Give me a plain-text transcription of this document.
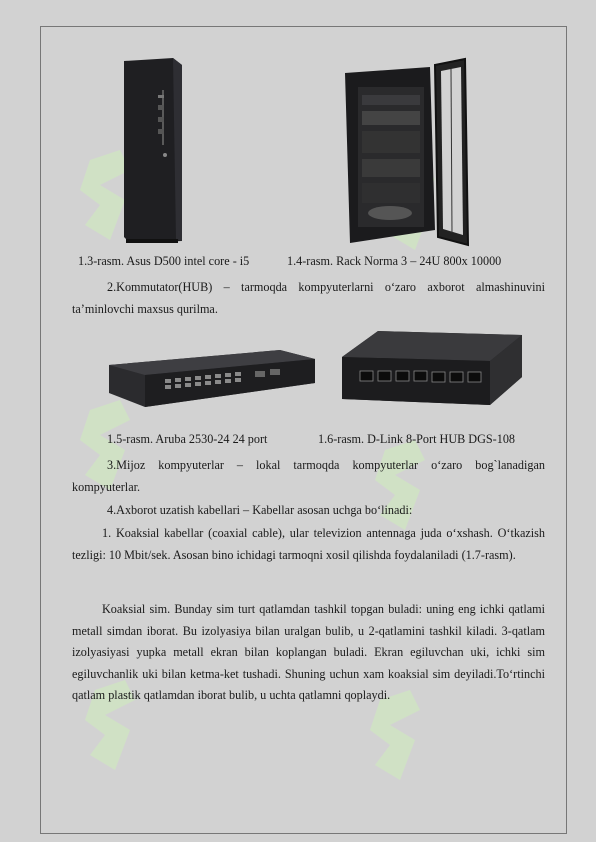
1.3-rasm. Asus D500 intel core - i5	1.4-rasm. Rack Norma 3 – 24U 800x 10000

2.Kommutator(HUB) – tarmoqda kompyuterlarni o‘zaro axborot almashinuvini ta’minlovchi maxsus qurilma.

1.5-rasm. Aruba 2530-24 24 port	1.6-rasm. D-Link 8-Port HUB DGS-108

3.Mijoz kompyuterlar – lokal tarmoqda kompyuterlar o‘zaro bog`lanadigan kompyuterlar.

4.Axborot uzatish kabellari – Kabellar asosan uchga bo‘linadi:

1. Koaksial kabellar (coaxial cable), ular televizion antennaga juda o‘xshash. O‘tkazish tezligi: 10 Mbit/sek. Asosan bino ichidagi tarmoqni xosil qilishda foydalaniladi (1.7-rasm).

Koaksial sim. Bunday sim turt qatlamdan tashkil topgan buladi: uning eng ichki qatlami metall simdan iborat. Bu izolyasiya bilan uralgan bulib, u 2-qatlamini tashkil kiladi. 3-qatlam izolyasiyasi yupka metall ekran bilan koplangan buladi. Ekran egiluvchan uki, ichki sim egiluvchanlik uki bilan ketma-ket tushadi. Shuning uchun xam koaksial sim deyiladi.To‘rtinchi qatlam plastik qatlamdan iborat bulib, u uchta qatlamni qoplaydi.
